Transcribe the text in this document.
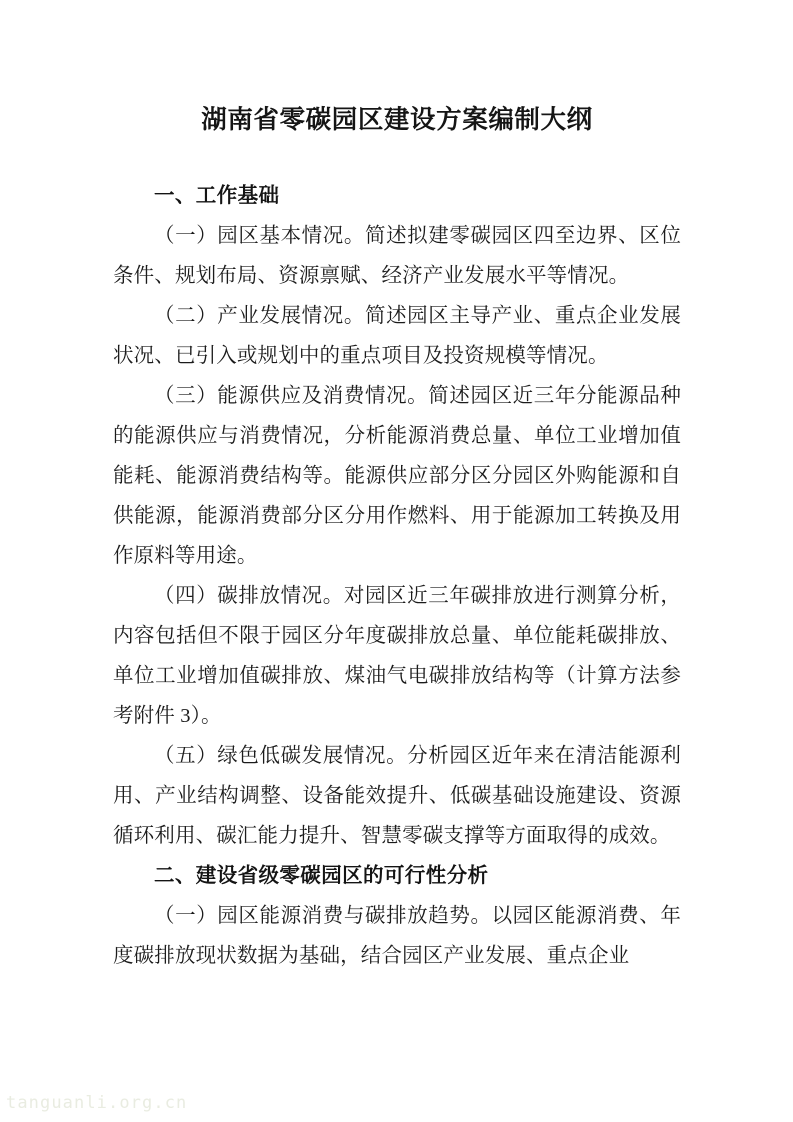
湖南省零碳园区建设方案编制大纲
一、工作基础

（一）园区基本情况。简述拟建零碳园区四至边界、区位条件、规划布局、资源禀赋、经济产业发展水平等情况。

（二）产业发展情况。简述园区主导产业、重点企业发展状况、已引入或规划中的重点项目及投资规模等情况。

（三）能源供应及消费情况。简述园区近三年分能源品种的能源供应与消费情况，分析能源消费总量、单位工业增加值能耗、能源消费结构等。能源供应部分区分园区外购能源和自供能源，能源消费部分区分用作燃料、用于能源加工转换及用作原料等用途。

（四）碳排放情况。对园区近三年碳排放进行测算分析，内容包括但不限于园区分年度碳排放总量、单位能耗碳排放、单位工业增加值碳排放、煤油气电碳排放结构等（计算方法参考附件 3）。

（五）绿色低碳发展情况。分析园区近年来在清洁能源利用、产业结构调整、设备能效提升、低碳基础设施建设、资源循环利用、碳汇能力提升、智慧零碳支撑等方面取得的成效。

二、建设省级零碳园区的可行性分析

（一）园区能源消费与碳排放趋势。以园区能源消费、年度碳排放现状数据为基础，结合园区产业发展、重点企业

tanguanli.org.cn
